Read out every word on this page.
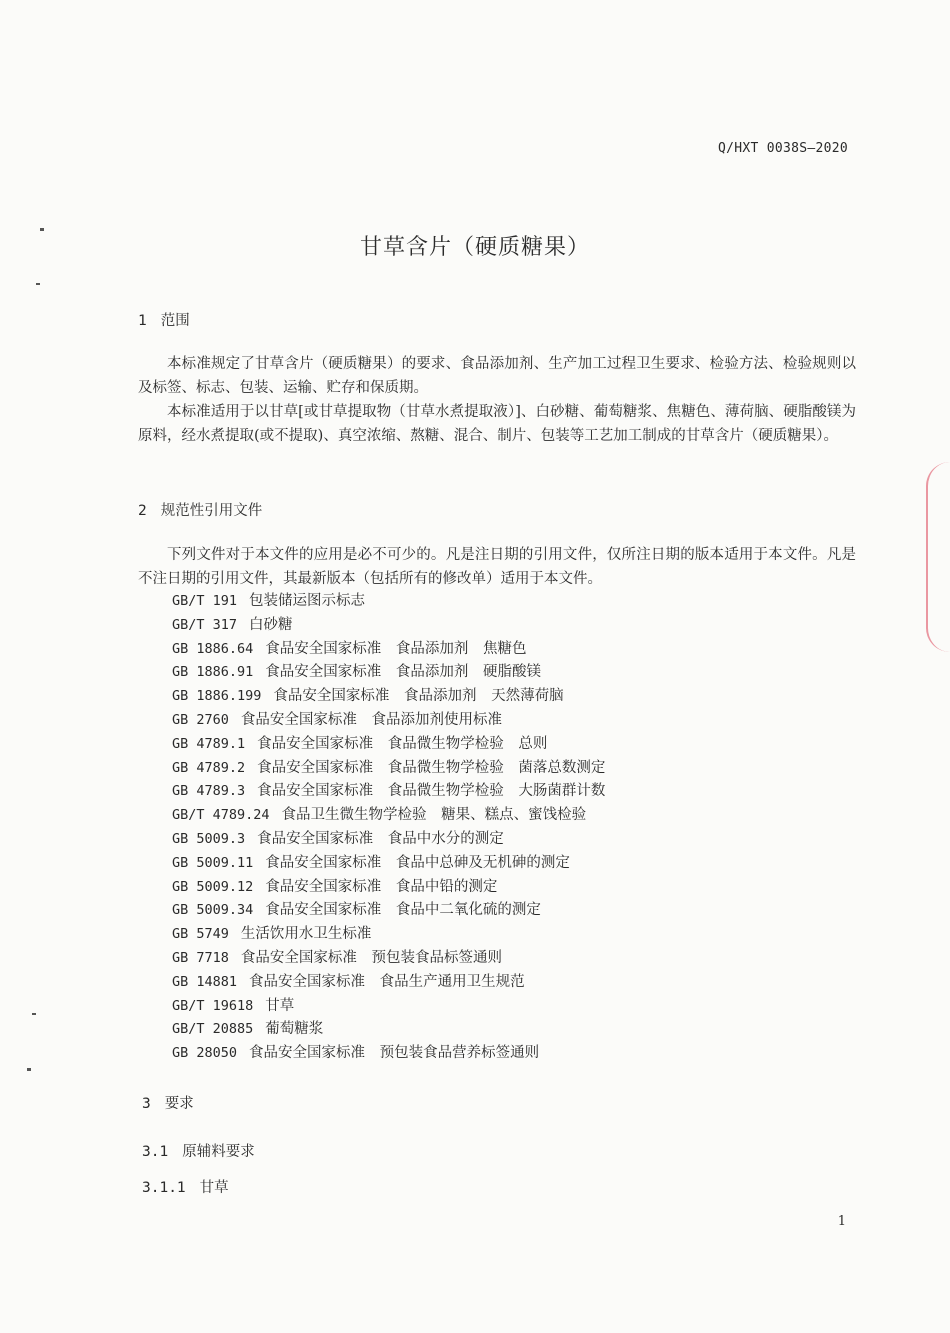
Q/HXT 0038S—2020
甘草含片（硬质糖果）
1 范围

本标准规定了甘草含片（硬质糖果）的要求、食品添加剂、生产加工过程卫生要求、检验方法、检验规则以及标签、标志、包装、运输、贮存和保质期。

本标准适用于以甘草[或甘草提取物（甘草水煮提取液）]、白砂糖、葡萄糖浆、焦糖色、薄荷脑、硬脂酸镁为原料，经水煮提取(或不提取)、真空浓缩、熬糖、混合、制片、包装等工艺加工制成的甘草含片（硬质糖果）。

2 规范性引用文件

下列文件对于本文件的应用是必不可少的。凡是注日期的引用文件，仅所注日期的版本适用于本文件。凡是不注日期的引用文件，其最新版本（包括所有的修改单）适用于本文件。

GB/T 191 包装储运图示标志
GB/T 317 白砂糖
GB 1886.64 食品安全国家标准 食品添加剂 焦糖色
GB 1886.91 食品安全国家标准 食品添加剂 硬脂酸镁
GB 1886.199 食品安全国家标准 食品添加剂 天然薄荷脑
GB 2760 食品安全国家标准 食品添加剂使用标准
GB 4789.1 食品安全国家标准 食品微生物学检验 总则
GB 4789.2 食品安全国家标准 食品微生物学检验 菌落总数测定
GB 4789.3 食品安全国家标准 食品微生物学检验 大肠菌群计数
GB/T 4789.24 食品卫生微生物学检验 糖果、糕点、蜜饯检验
GB 5009.3 食品安全国家标准 食品中水分的测定
GB 5009.11 食品安全国家标准 食品中总砷及无机砷的测定
GB 5009.12 食品安全国家标准 食品中铅的测定
GB 5009.34 食品安全国家标准 食品中二氧化硫的测定
GB 5749 生活饮用水卫生标准
GB 7718 食品安全国家标准 预包装食品标签通则
GB 14881 食品安全国家标准 食品生产通用卫生规范
GB/T 19618 甘草
GB/T 20885 葡萄糖浆
GB 28050 食品安全国家标准 预包装食品营养标签通则
3 要求
3.1 原辅料要求
3.1.1 甘草
1
